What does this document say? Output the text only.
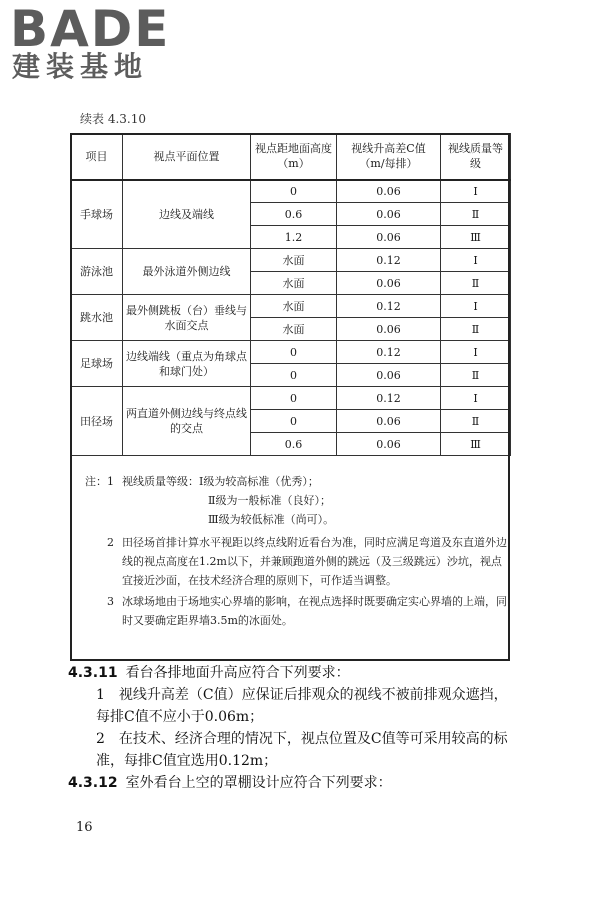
BADE
建装基地
续表 4.3.10
项目	视点平面位置	视点距地面高度（m）	视线升高差C值（m/每排）	视线质量等级
手球场	边线及端线	0	0.06	Ⅰ
		0.6	0.06	Ⅱ
		1.2	0.06	Ⅲ
游泳池	最外泳道外侧边线	水面	0.12	Ⅰ
		水面	0.06	Ⅱ
跳水池	最外侧跳板（台）垂线与水面交点	水面	0.12	Ⅰ
		水面	0.06	Ⅱ
足球场	边线端线（重点为角球点和球门处）	0	0.12	Ⅰ
		0	0.06	Ⅱ
田径场	两直道外侧边线与终点线的交点	0	0.12	Ⅰ
		0	0.06	Ⅱ
		0.6	0.06	Ⅲ
注：1 视线质量等级：Ⅰ级为较高标准（优秀）；
Ⅱ级为一般标准（良好）；
Ⅲ级为较低标准（尚可）。
2 田径场首排计算水平视距以终点线附近看台为准，同时应满足弯道及东直道外边线的视点高度在1.2m以下，并兼顾跑道外侧的跳远（及三级跳远）沙坑，视点宜接近沙面，在技术经济合理的原则下，可作适当调整。
3 冰球场地由于场地实心界墙的影响，在视点选择时既要确定实心界墙的上端，同时又要确定距界墙3.5m的冰面处。
4.3.11 看台各排地面升高应符合下列要求：
1　视线升高差（C值）应保证后排观众的视线不被前排观众遮挡，每排C值不应小于0.06m；
2　在技术、经济合理的情况下，视点位置及C值等可采用较高的标准，每排C值宜选用0.12m；
4.3.12 室外看台上空的罩棚设计应符合下列要求：
16
